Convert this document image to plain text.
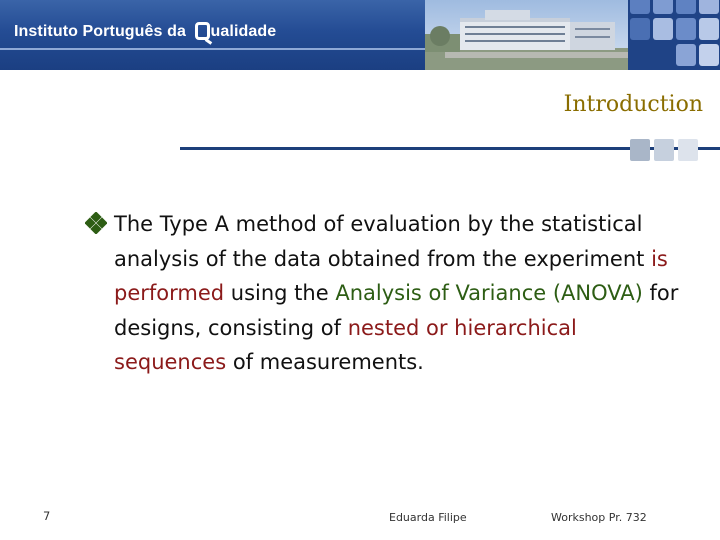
Instituto Português da ualidade
Introduction
The Type A method of evaluation by the statistical analysis of the data obtained from the experiment is performed using the Analysis of Variance (ANOVA) for designs, consisting of nested or hierarchical sequences of measurements.
7	Eduarda Filipe	Workshop Pr. 732
